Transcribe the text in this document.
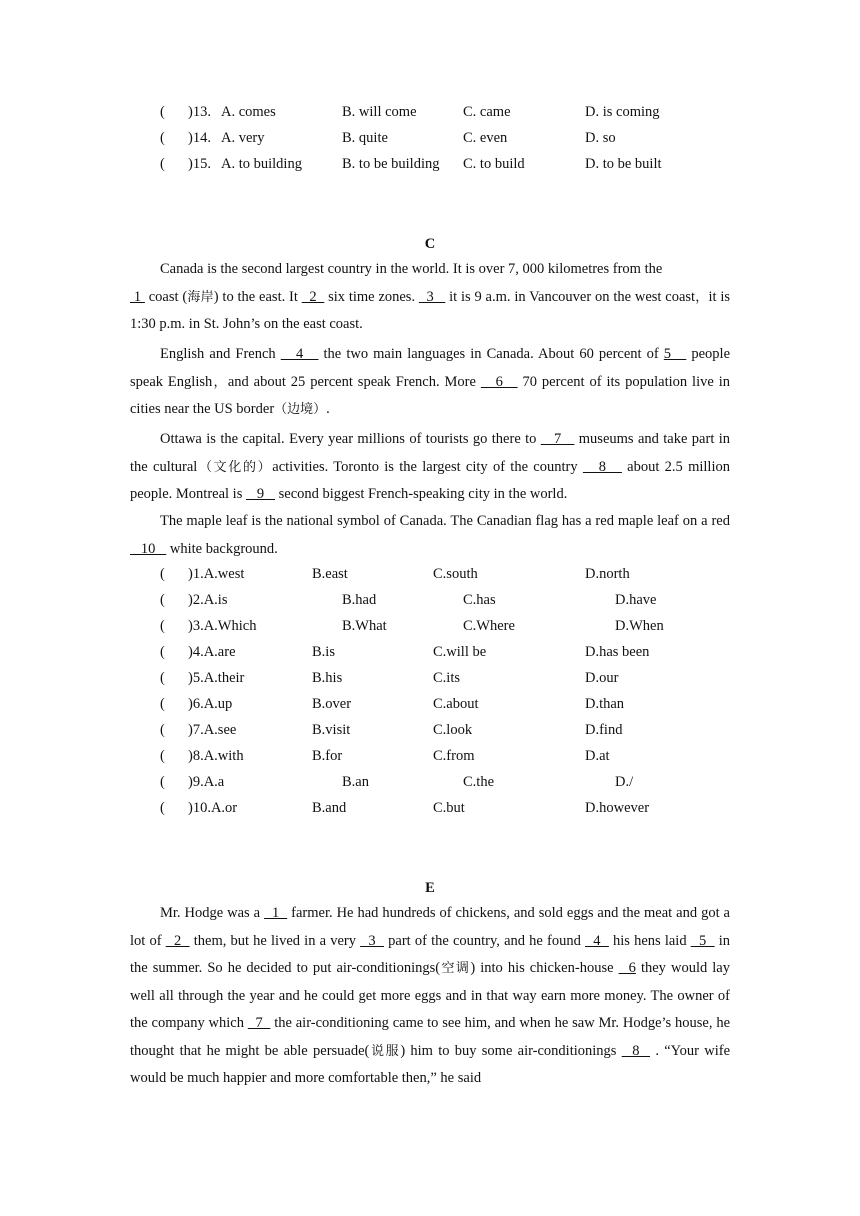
( )13. A. comes	B. will come	C. came	D. is coming
( )14. A. very	B. quite	C. even	D. so
( )15. A. to building	B. to be building C. to build	D. to be built
C
Canada is the second largest country in the world. It is over 7, 000 kilometres from the
1  coast (海岸) to the east. It   2   six time zones.   3    it is 9 a.m. in Vancouver on the west coast，it is 1:30 p.m. in St. John’s on the east coast.
English and French    4    the two main languages in Canada. About 60 percent of 5    people speak English，and about 25 percent speak French. More    6    70 percent of its population live in cities near the US border（边境）.
Ottawa is the capital. Every year millions of tourists go there to    7    museums and take part in the cultural（文化的）activities. Toronto is the largest city of the country    8    about 2.5 million people. Montreal is    9    second biggest French-speaking city in the world.
The maple leaf is the national symbol of Canada. The Canadian flag has a red maple leaf on a red    10    white background.
( )1.A.west	B.east	C.south	D.north
( )2.A.is	B.had	C.has	D.have
( )3.A.Which	B.What	C.Where	D.When
( )4.A.are	B.is	C.will be	D.has been
( )5.A.their	B.his	C.its	D.our
( )6.A.up	B.over	C.about	D.than
( )7.A.see	B.visit	C.look	D.find
( )8.A.with	B.for	C.from	D.at
( )9.A.a	B.an	C.the	D./
( )10.A.or	B.and	C.but	D.however
E
Mr. Hodge was a   1   farmer. He had hundreds of chickens, and sold eggs and the meat and got a lot of   2   them, but he lived in a very   3   part of the country, and he found   4   his hens laid   5   in the summer. So he decided to put air-conditionings(空调) into his chicken-house   6 they would lay well all through the year and he could get more eggs and in that way earn more money. The owner of the company which   7   the air-conditioning came to see him, and when he saw Mr. Hodge’s house, he thought that he might be able persuade(说服) him to buy some air-conditionings   8   . “Your wife would be much happier and more comfortable then,” he said
